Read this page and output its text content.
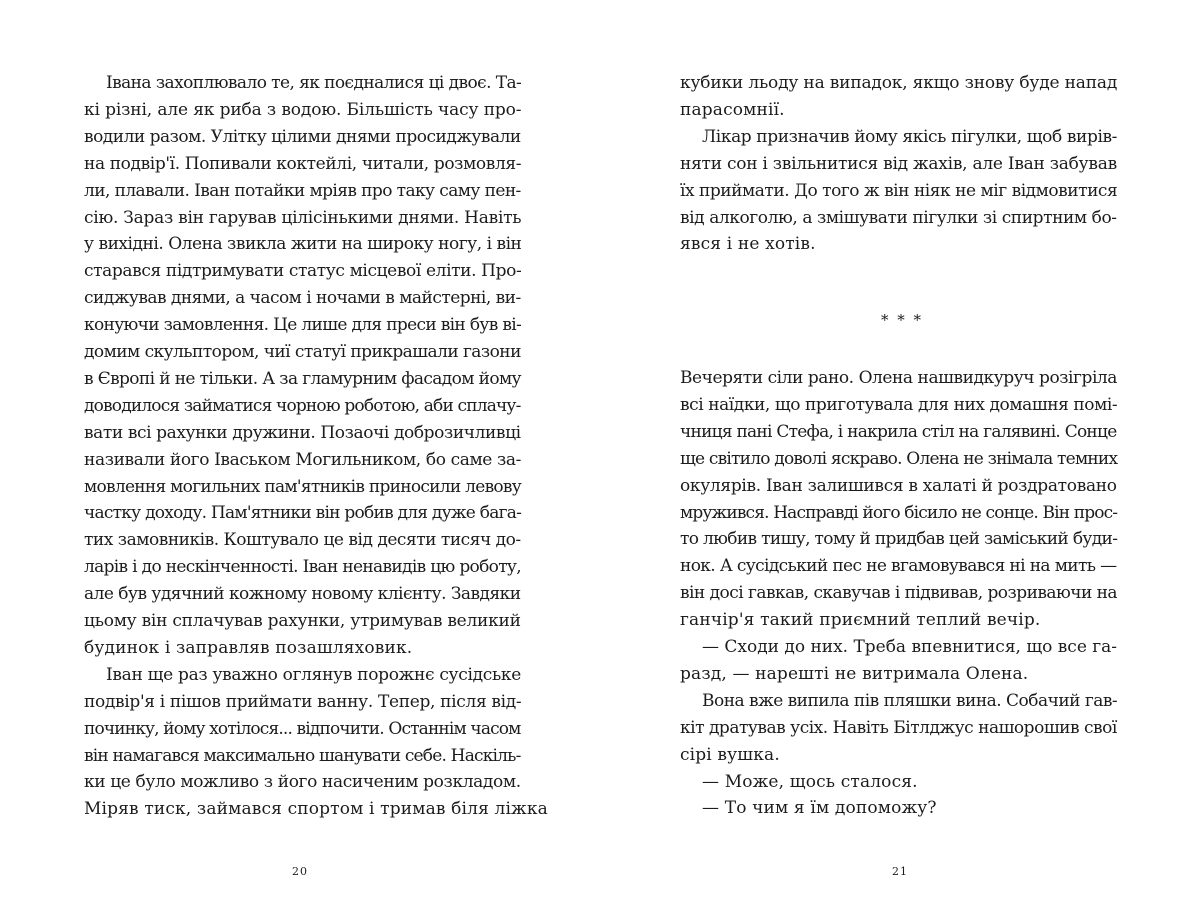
Івана захоплювало те, як поєдналися ці двоє. Та-
кі різні, але як риба з водою. Більшість часу про-
водили разом. Улітку цілими днями просиджували
на подвір'ї. Попивали коктейлі, читали, розмовля-
ли, плавали. Іван потайки мріяв про таку саму пен-
сію. Зараз він гарував цілісінькими днями. Навіть
у вихідні. Олена звикла жити на широку ногу, і він
старався підтримувати статус місцевої еліти. Про-
сиджував днями, а часом і ночами в майстерні, ви-
конуючи замовлення. Це лише для преси він був ві-
домим скульптором, чиї статуї прикрашали газони
в Європі й не тільки. А за гламурним фасадом йому
доводилося займатися чорною роботою, аби сплачу-
вати всі рахунки дружини. Позаочі доброзичливці
називали його Іваськом Могильником, бо саме за-
мовлення могильних пам'ятників приносили левову
частку доходу. Пам'ятники він робив для дуже бага-
тих замовників. Коштувало це від десяти тисяч до-
ларів і до нескінченності. Іван ненавидів цю роботу,
але був удячний кожному новому клієнту. Завдяки
цьому він сплачував рахунки, утримував великий
будинок і заправляв позашляховик.
Іван ще раз уважно оглянув порожнє сусідське
подвір'я і пішов приймати ванну. Тепер, після від-
починку, йому хотілося... відпочити. Останнім часом
він намагався максимально шанувати себе. Наскіль-
ки це було можливо з його насиченим розкладом.
Міряв тиск, займався спортом і тримав біля ліжка
20
кубики льоду на випадок, якщо знову буде напад
парасомнії.
Лікар призначив йому якісь пігулки, щоб вирів-
няти сон і звільнитися від жахів, але Іван забував
їх приймати. До того ж він ніяк не міг відмовитися
від алкоголю, а змішувати пігулки зі спиртним бо-
явся і не хотів.
* * *
Вечеряти сіли рано. Олена нашвидкуруч розігріла
всі наїдки, що приготувала для них домашня помі-
чниця пані Стефа, і накрила стіл на галявині. Сонце
ще світило доволі яскраво. Олена не знімала темних
окулярів. Іван залишився в халаті й роздратовано
мружився. Насправді його бісило не сонце. Він прос-
то любив тишу, тому й придбав цей заміський буди-
нок. А сусідський пес не вгамовувався ні на мить —
він досі гавкав, скавучав і підвивав, розриваючи на
ганчір'я такий приємний теплий вечір.
— Сходи до них. Треба впевнитися, що все га-
разд, — нарешті не витримала Олена.
Вона вже випила пів пляшки вина. Собачий гав-
кіт дратував усіх. Навіть Бітлджус нашорошив свої
сірі вушка.
— Може, щось сталося.
— То чим я їм допоможу?
21
